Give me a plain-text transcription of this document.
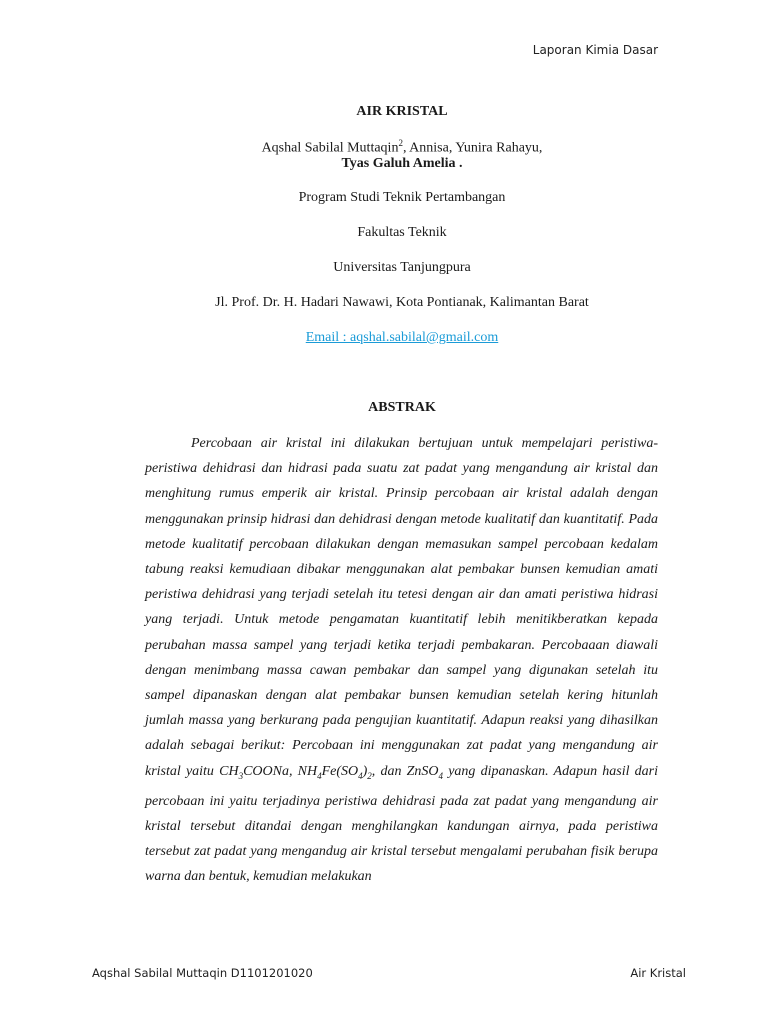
Laporan Kimia Dasar
AIR KRISTAL
Aqshal Sabilal Muttaqin$^2$, Annisa, Yunira Rahayu,
Tyas Galuh Amelia .
Program Studi Teknik Pertambangan
Fakultas Teknik
Universitas Tanjungpura
Jl. Prof. Dr. H. Hadari Nawawi, Kota Pontianak, Kalimantan Barat
Email : aqshal.sabilal@gmail.com
ABSTRAK

Percobaan air kristal ini dilakukan bertujuan untuk mempelajari peristiwa-peristiwa dehidrasi dan hidrasi pada suatu zat padat yang mengandung air kristal dan menghitung rumus emperik air kristal. Prinsip percobaan air kristal adalah dengan menggunakan prinsip hidrasi dan dehidrasi dengan metode kualitatif dan kuantitatif. Pada metode kualitatif percobaan dilakukan dengan memasukan sampel percobaan kedalam tabung reaksi kemudiaan dibakar menggunakan alat pembakar bunsen kemudian amati peristiwa dehidrasi yang terjadi setelah itu tetesi dengan air dan amati peristiwa hidrasi yang terjadi. Untuk metode pengamatan kuantitatif lebih menitikberatkan kepada perubahan massa sampel yang terjadi ketika terjadi pembakaran. Percobaaan diawali dengan menimbang massa cawan pembakar dan sampel yang digunakan setelah itu sampel dipanaskan dengan alat pembakar bunsen kemudian setelah kering hitunlah jumlah massa yang berkurang pada pengujian kuantitatif. Adapun reaksi yang dihasilkan adalah sebagai berikut: Percobaan ini menggunakan zat padat yang mengandung air kristal yaitu $CH_3COONa$, $NH_4Fe(SO_4)_2$, dan ZnSO$_4$ yang dipanaskan. Adapun hasil dari percobaan ini yaitu terjadinya peristiwa dehidrasi pada zat padat yang mengandung air kristal tersebut ditandai dengan menghilangkan kandungan airnya, pada peristiwa tersebut zat padat yang mengandug air kristal tersebut mengalami perubahan fisik berupa warna dan bentuk, kemudian melakukan

Aqshal Sabilal Muttaqin D1101201020	Air Kristal
